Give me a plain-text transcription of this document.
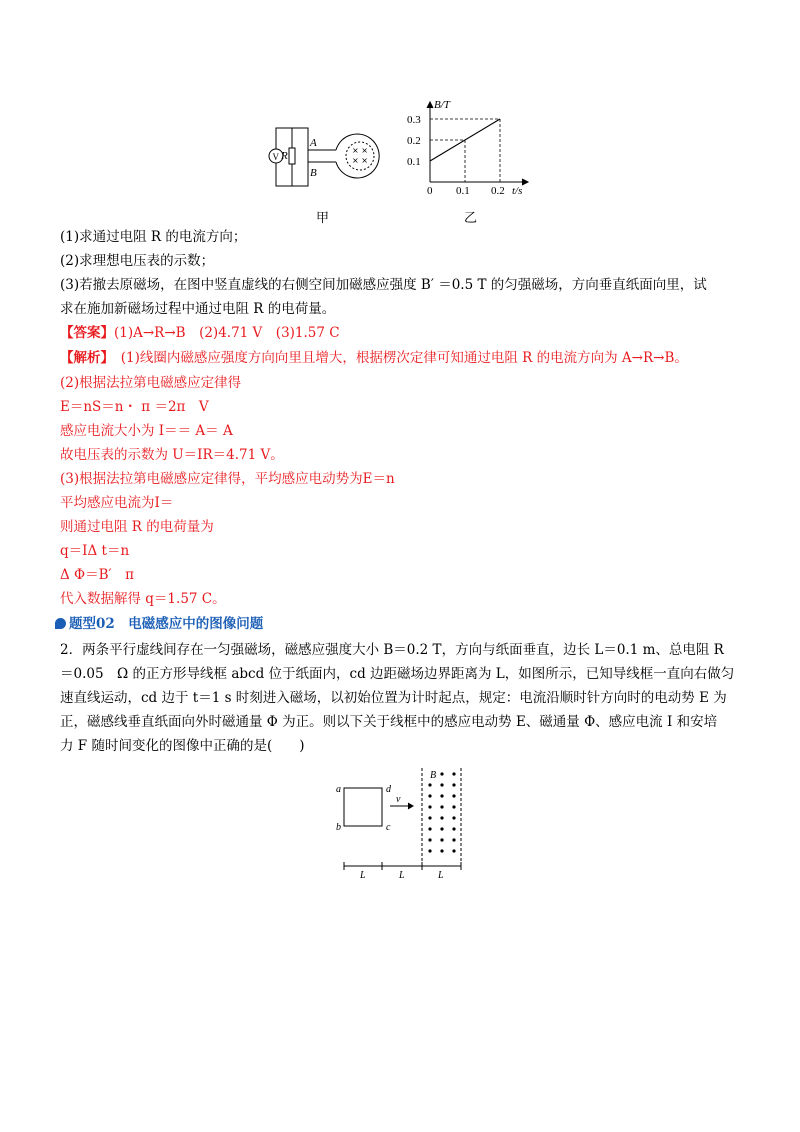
V R
A
B
× ×
× ×
甲
0.3
0.2
0.1
0 0.1 0.2
B/T
t/s
乙
(1)求通过电阻 R 的电流方向；
(2)求理想电压表的示数；
(3)若撤去原磁场，在图中竖直虚线的右侧空间加磁感应强度 B′ ＝0.5 T 的匀强磁场，方向垂直纸面向里，试
求在施加新磁场过程中通过电阻 R 的电荷量。
【答案】(1)A→R→B　(2)4.71 V　(3)1.57 C
【解析】　(1)线圈内磁感应强度方向向里且增大，根据楞次定律可知通过电阻 R 的电流方向为 A→R→B。
(2)根据法拉第电磁感应定律得
E＝nS＝n・ π ＝2π　V
感应电流大小为 I＝＝ A＝ A
故电压表的示数为 U＝IR＝4.71 V。
(3)根据法拉第电磁感应定律得，平均感应电动势为E＝n
平均感应电流为I＝
则通过电阻 R 的电荷量为
q＝IΔ t＝n
Δ Φ＝B′　π
代入数据解得 q＝1.57 C。
题型02　电磁感应中的图像问题
2．两条平行虚线间存在一匀强磁场，磁感应强度大小 B＝0.2 T，方向与纸面垂直，边长 L＝0.1 m、总电阻 R
＝0.05　Ω 的正方形导线框 abcd 位于纸面内，cd 边距磁场边界距离为 L，如图所示，已知导线框一直向右做匀
速直线运动，cd 边于 t＝1 s 时刻进入磁场，以初始位置为计时起点，规定：电流沿顺时针方向时的电动势 E 为
正，磁感线垂直纸面向外时磁通量 Φ 为正。则以下关于线框中的感应电动势 E、磁通量 Φ、感应电流 I 和安培
力 F 随时间变化的图像中正确的是(　　)
a
b	c
d
v
B
L	L	L
